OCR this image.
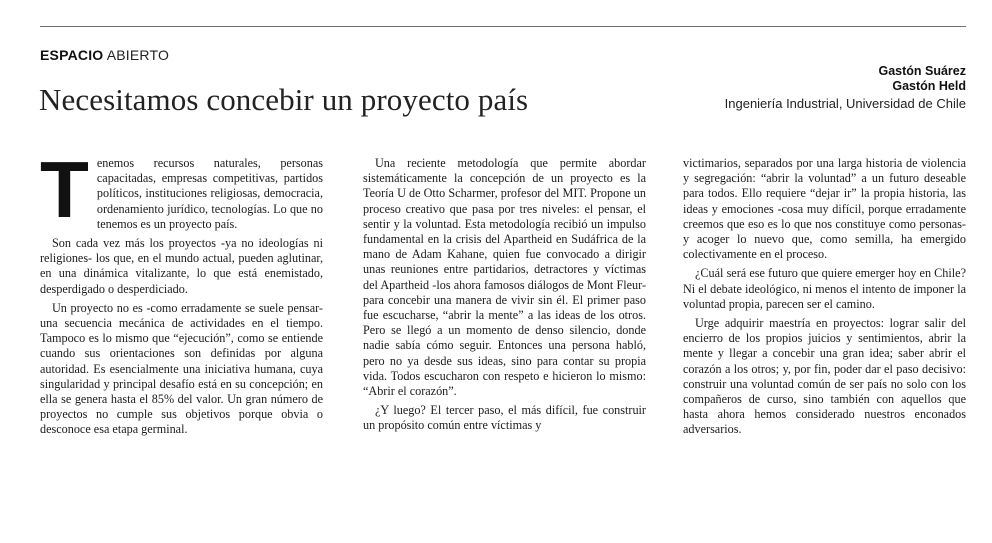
ESPACIO ABIERTO
Necesitamos concebir un proyecto país
Gastón Suárez
Gastón Held
Ingeniería Industrial, Universidad de Chile

Tenemos recursos naturales, personas capacitadas, empresas competitivas, partidos políticos, instituciones religiosas, democracia, ordenamiento jurídico, tecnologías. Lo que no tenemos es un proyecto país.

Son cada vez más los proyectos -ya no ideologías ni religiones- los que, en el mundo actual, pueden aglutinar, en una dinámica vitalizante, lo que está enemistado, desperdigado o desperdiciado.

Un proyecto no es -como erradamente se suele pensar- una secuencia mecánica de actividades en el tiempo. Tampoco es lo mismo que “ejecución”, como se entiende cuando sus orientaciones son definidas por alguna autoridad. Es esencialmente una iniciativa humana, cuya singularidad y principal desafío está en su concepción; en ella se genera hasta el 85% del valor. Un gran número de proyectos no cumple sus objetivos porque obvia o desconoce esa etapa germinal.

Una reciente metodología que permite abordar sistemáticamente la concepción de un proyecto es la Teoría U de Otto Scharmer, profesor del MIT. Propone un proceso creativo que pasa por tres niveles: el pensar, el sentir y la voluntad. Esta metodología recibió un impulso fundamental en la crisis del Apartheid en Sudáfrica de la mano de Adam Kahane, quien fue convocado a dirigir unas reuniones entre partidarios, detractores y víctimas del Apartheid -los ahora famosos diálogos de Mont Fleur- para concebir una manera de vivir sin él. El primer paso fue escucharse, “abrir la mente” a las ideas de los otros. Pero se llegó a un momento de denso silencio, donde nadie sabía cómo seguir. Entonces una persona habló, pero no ya desde sus ideas, sino para contar su propia vida. Todos escucharon con respeto e hicieron lo mismo: “Abrir el corazón”.

¿Y luego? El tercer paso, el más difícil, fue construir un propósito común entre víctimas y

victimarios, separados por una larga historia de violencia y segregación: “abrir la voluntad” a un futuro deseable para todos. Ello requiere “dejar ir” la propia historia, las ideas y emociones -cosa muy difícil, porque erradamente creemos que eso es lo que nos constituye como personas- y acoger lo nuevo que, como semilla, ha emergido colectivamente en el proceso.

¿Cuál será ese futuro que quiere emerger hoy en Chile? Ni el debate ideológico, ni menos el intento de imponer la voluntad propia, parecen ser el camino.

Urge adquirir maestría en proyectos: lograr salir del encierro de los propios juicios y sentimientos, abrir la mente y llegar a concebir una gran idea; saber abrir el corazón a los otros; y, por fin, poder dar el paso decisivo: construir una voluntad común de ser país no solo con los compañeros de curso, sino también con aquellos que hasta ahora hemos considerado nuestros enconados adversarios.
